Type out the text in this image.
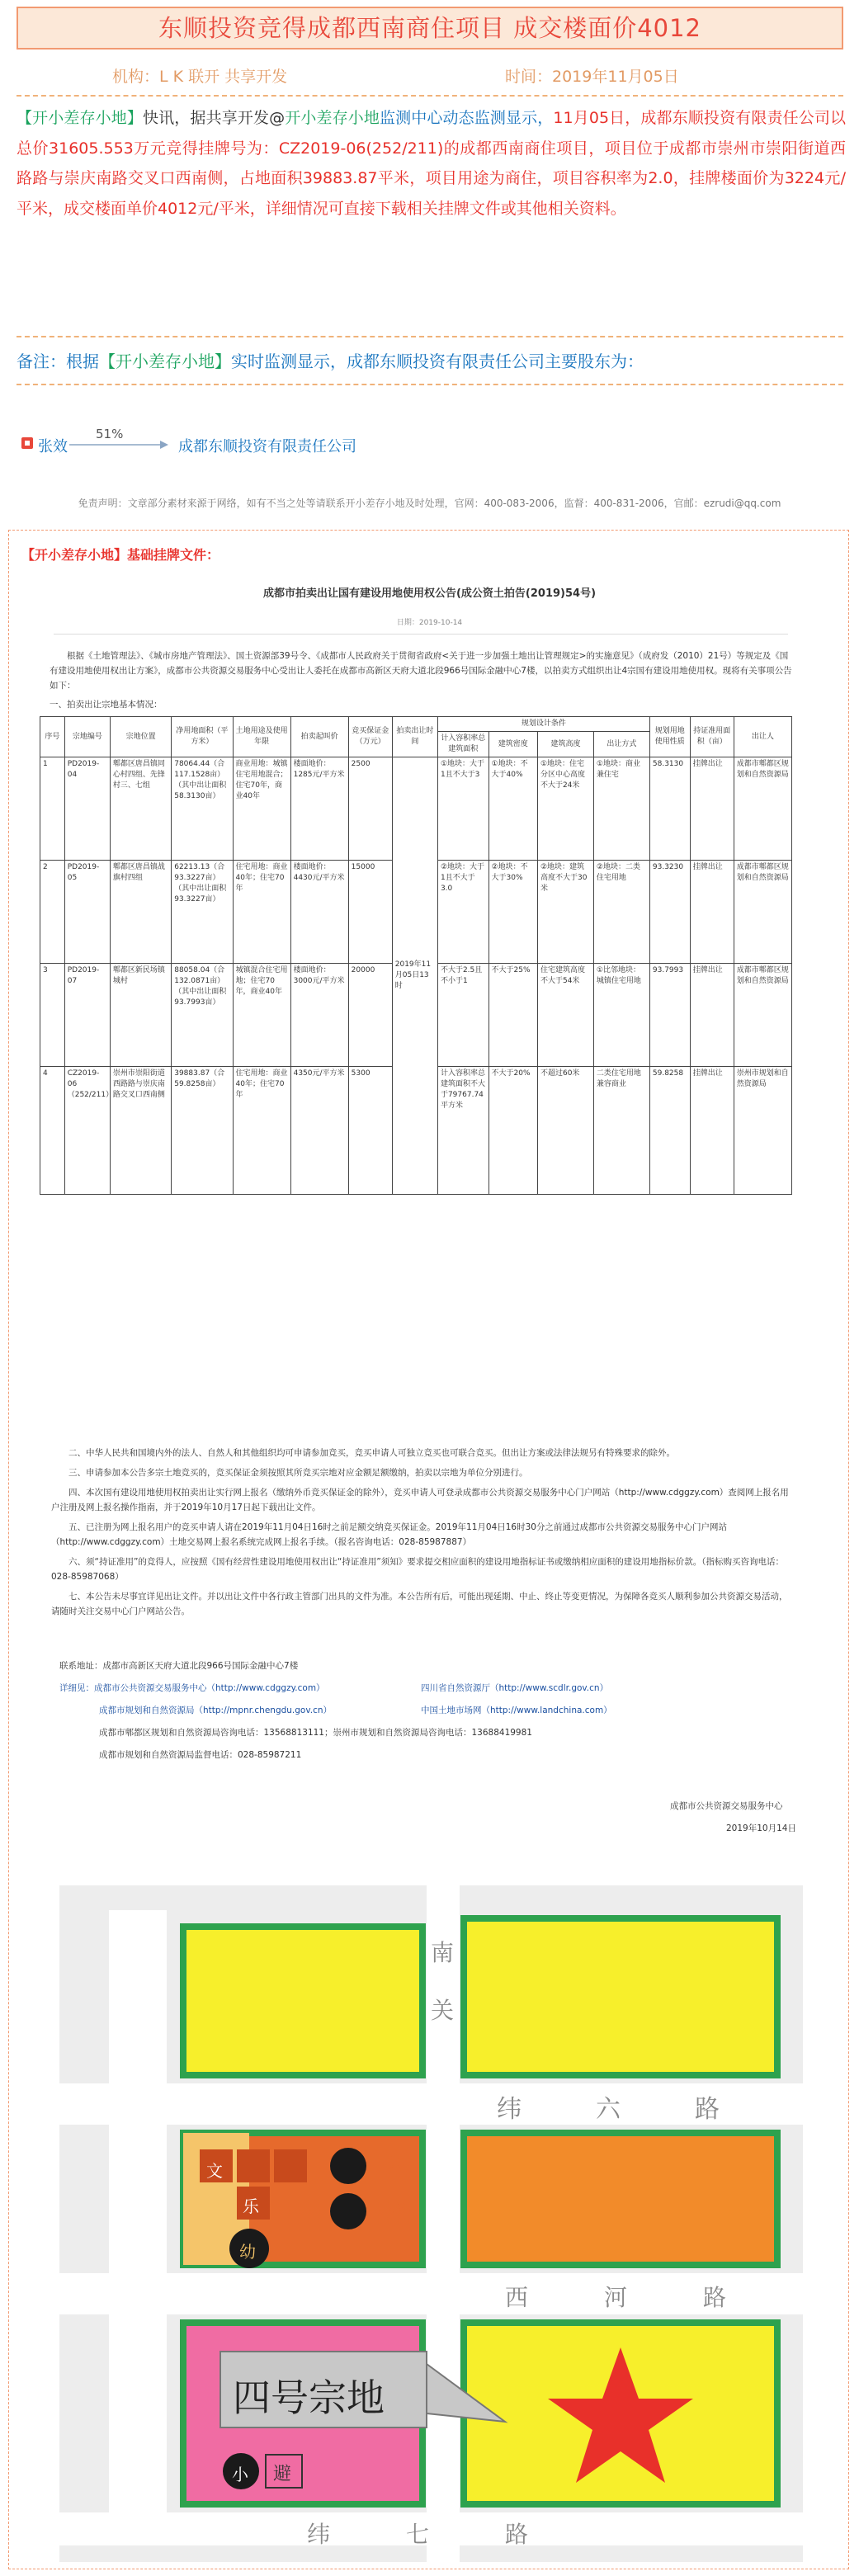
东顺投资竞得成都西南商住项目 成交楼面价4012
机构：L K 联开 共享开发	时间：2019年11月05日
【开小差存小地】快讯，据共享开发@开小差存小地监测中心动态监测显示，11月05日，成都东顺投资有限责任公司以总价31605.553万元竞得挂牌号为：CZ2019-06(252/211)的成都西南商住项目，项目位于成都市崇州市崇阳街道西路路与崇庆南路交叉口西南侧，占地面积39883.87平米，项目用途为商住，项目容积率为2.0，挂牌楼面价为3224元/平米，成交楼面单价4012元/平米，详细情况可直接下载相关挂牌文件或其他相关资料。
备注：根据【开小差存小地】实时监测显示，成都东顺投资有限责任公司主要股东为：
张效
51%
成都东顺投资有限责任公司
免责声明：文章部分素材来源于网络，如有不当之处等请联系开小差存小地及时处理，官网：400-083-2006，监督：400-831-2006，官邮：ezrudi@qq.com
【开小差存小地】基础挂牌文件：
成都市拍卖出让国有建设用地使用权公告(成公资土拍告(2019)54号)
日期：2019-10-14
根据《土地管理法》、《城市房地产管理法》、国土资源部39号令、《成都市人民政府关于贯彻省政府<关于进一步加强土地出让管理规定>的实施意见》（成府发（2010）21号）等规定及《国有建设用地使用权出让方案》，成都市公共资源交易服务中心受出让人委托在成都市高新区天府大道北段966号国际金融中心7楼，以拍卖方式组织出让4宗国有建设用地使用权。现将有关事项公告如下：
一、拍卖出让宗地基本情况：
序号	宗地编号	宗地位置	净用地面积（平方米）	土地用途及使用年限	拍卖起叫价	竞买保证金（万元）	拍卖出让时间	规划设计条件				规划用地使用性质	持证准用面积（亩）	出让人
								计入容积率总建筑面积	建筑密度	建筑高度	出让方式			
1	PD2019-04	郫都区唐昌镇同心村四组、先锋村三、七组	78064.44（合117.1528亩）（其中出让面积58.3130亩）	商业用地：城镇住宅用地混合；住宅70年，商业40年	楼面地价：1285元/平方米	2500	2019年11月05日13时	①地块：大于1且不大于3	①地块：不大于40%	①地块：住宅分区中心高度不大于24米	①地块：商业兼住宅	58.3130	挂牌出让	成都市郫都区规划和自然资源局
2	PD2019-05	郫都区唐昌镇战旗村四组	62213.13（合93.3227亩）（其中出让面积93.3227亩）	住宅用地：商业40年；住宅70年	楼面地价：4430元/平方米	15000		②地块：大于1且不大于3.0	②地块：不大于30%	②地块：建筑高度不大于30米	②地块：二类住宅用地	93.3230	挂牌出让	成都市郫都区规划和自然资源局
3	PD2019-07	郫都区新民场镇城村	88058.04（合132.0871亩）（其中出让面积93.7993亩）	城镇混合住宅用地；住宅70年，商业40年	楼面地价：3000元/平方米	20000		不大于2.5且不小于1	不大于25%	住宅建筑高度不大于54米	①比邻地块：城镇住宅用地	93.7993	挂牌出让	成都市郫都区规划和自然资源局
4	CZ2019-06（252/211）	崇州市崇阳街道西路路与崇庆南路交叉口西南侧	39883.87（合59.8258亩）	住宅用地：商业40年；住宅70年	4350元/平方米	5300		计入容积率总建筑面积不大于79767.74平方米	不大于20%	不超过60米	二类住宅用地兼容商业	59.8258	挂牌出让	崇州市规划和自然资源局

二、中华人民共和国境内外的法人、自然人和其他组织均可申请参加竞买，竞买申请人可独立竞买也可联合竞买。但出让方案或法律法规另有特殊要求的除外。

三、申请参加本公告多宗土地竞买的，竞买保证金须按照其所竞买宗地对应金额足额缴纳，拍卖以宗地为单位分别进行。

四、本次国有建设用地使用权拍卖出让实行网上报名（缴纳外币竞买保证金的除外），竞买申请人可登录成都市公共资源交易服务中心门户网站（http://www.cdggzy.com）查阅网上报名用户注册及网上报名操作指南，并于2019年10月17日起下载出让文件。

五、已注册为网上报名用户的竞买申请人请在2019年11月04日16时之前足额交纳竞买保证金。2019年11月04日16时30分之前通过成都市公共资源交易服务中心门户网站（http://www.cdggzy.com）土地交易网上报名系统完成网上报名手续。（报名咨询电话：028-85987887）

六、须“持证准用”的竞得人，应按照《国有经营性建设用地使用权出让“持证准用”须知》要求提交相应面积的建设用地指标证书或缴纳相应面积的建设用地指标价款。（指标购买咨询电话：028-85987068）

七、本公告未尽事宜详见出让文件。并以出让文件中各行政主管部门出具的文件为准。本公告所有后，可能出现延期、中止、终止等变更情况，为保障各竞买人顺利参加公共资源交易活动，请随时关注交易中心门户网站公告。

联系地址：成都市高新区天府大道北段966号国际金融中心7楼
详细见：成都市公共资源交易服务中心（http://www.cdggzy.com）	四川省自然资源厅（http://www.scdlr.gov.cn）
成都市规划和自然资源局（http://mpnr.chengdu.gov.cn）	中国土地市场网（http://www.landchina.com）
成都市郫都区规划和自然资源局咨询电话：13568813111；崇州市规划和自然资源局咨询电话：13688419981
成都市规划和自然资源局监督电话：028-85987211
成都市公共资源交易服务中心
2019年10月14日
文	养
乐	避
幼
小 避
四号宗地
纬	六	路
纬	七	路
西	河	路
南
关
